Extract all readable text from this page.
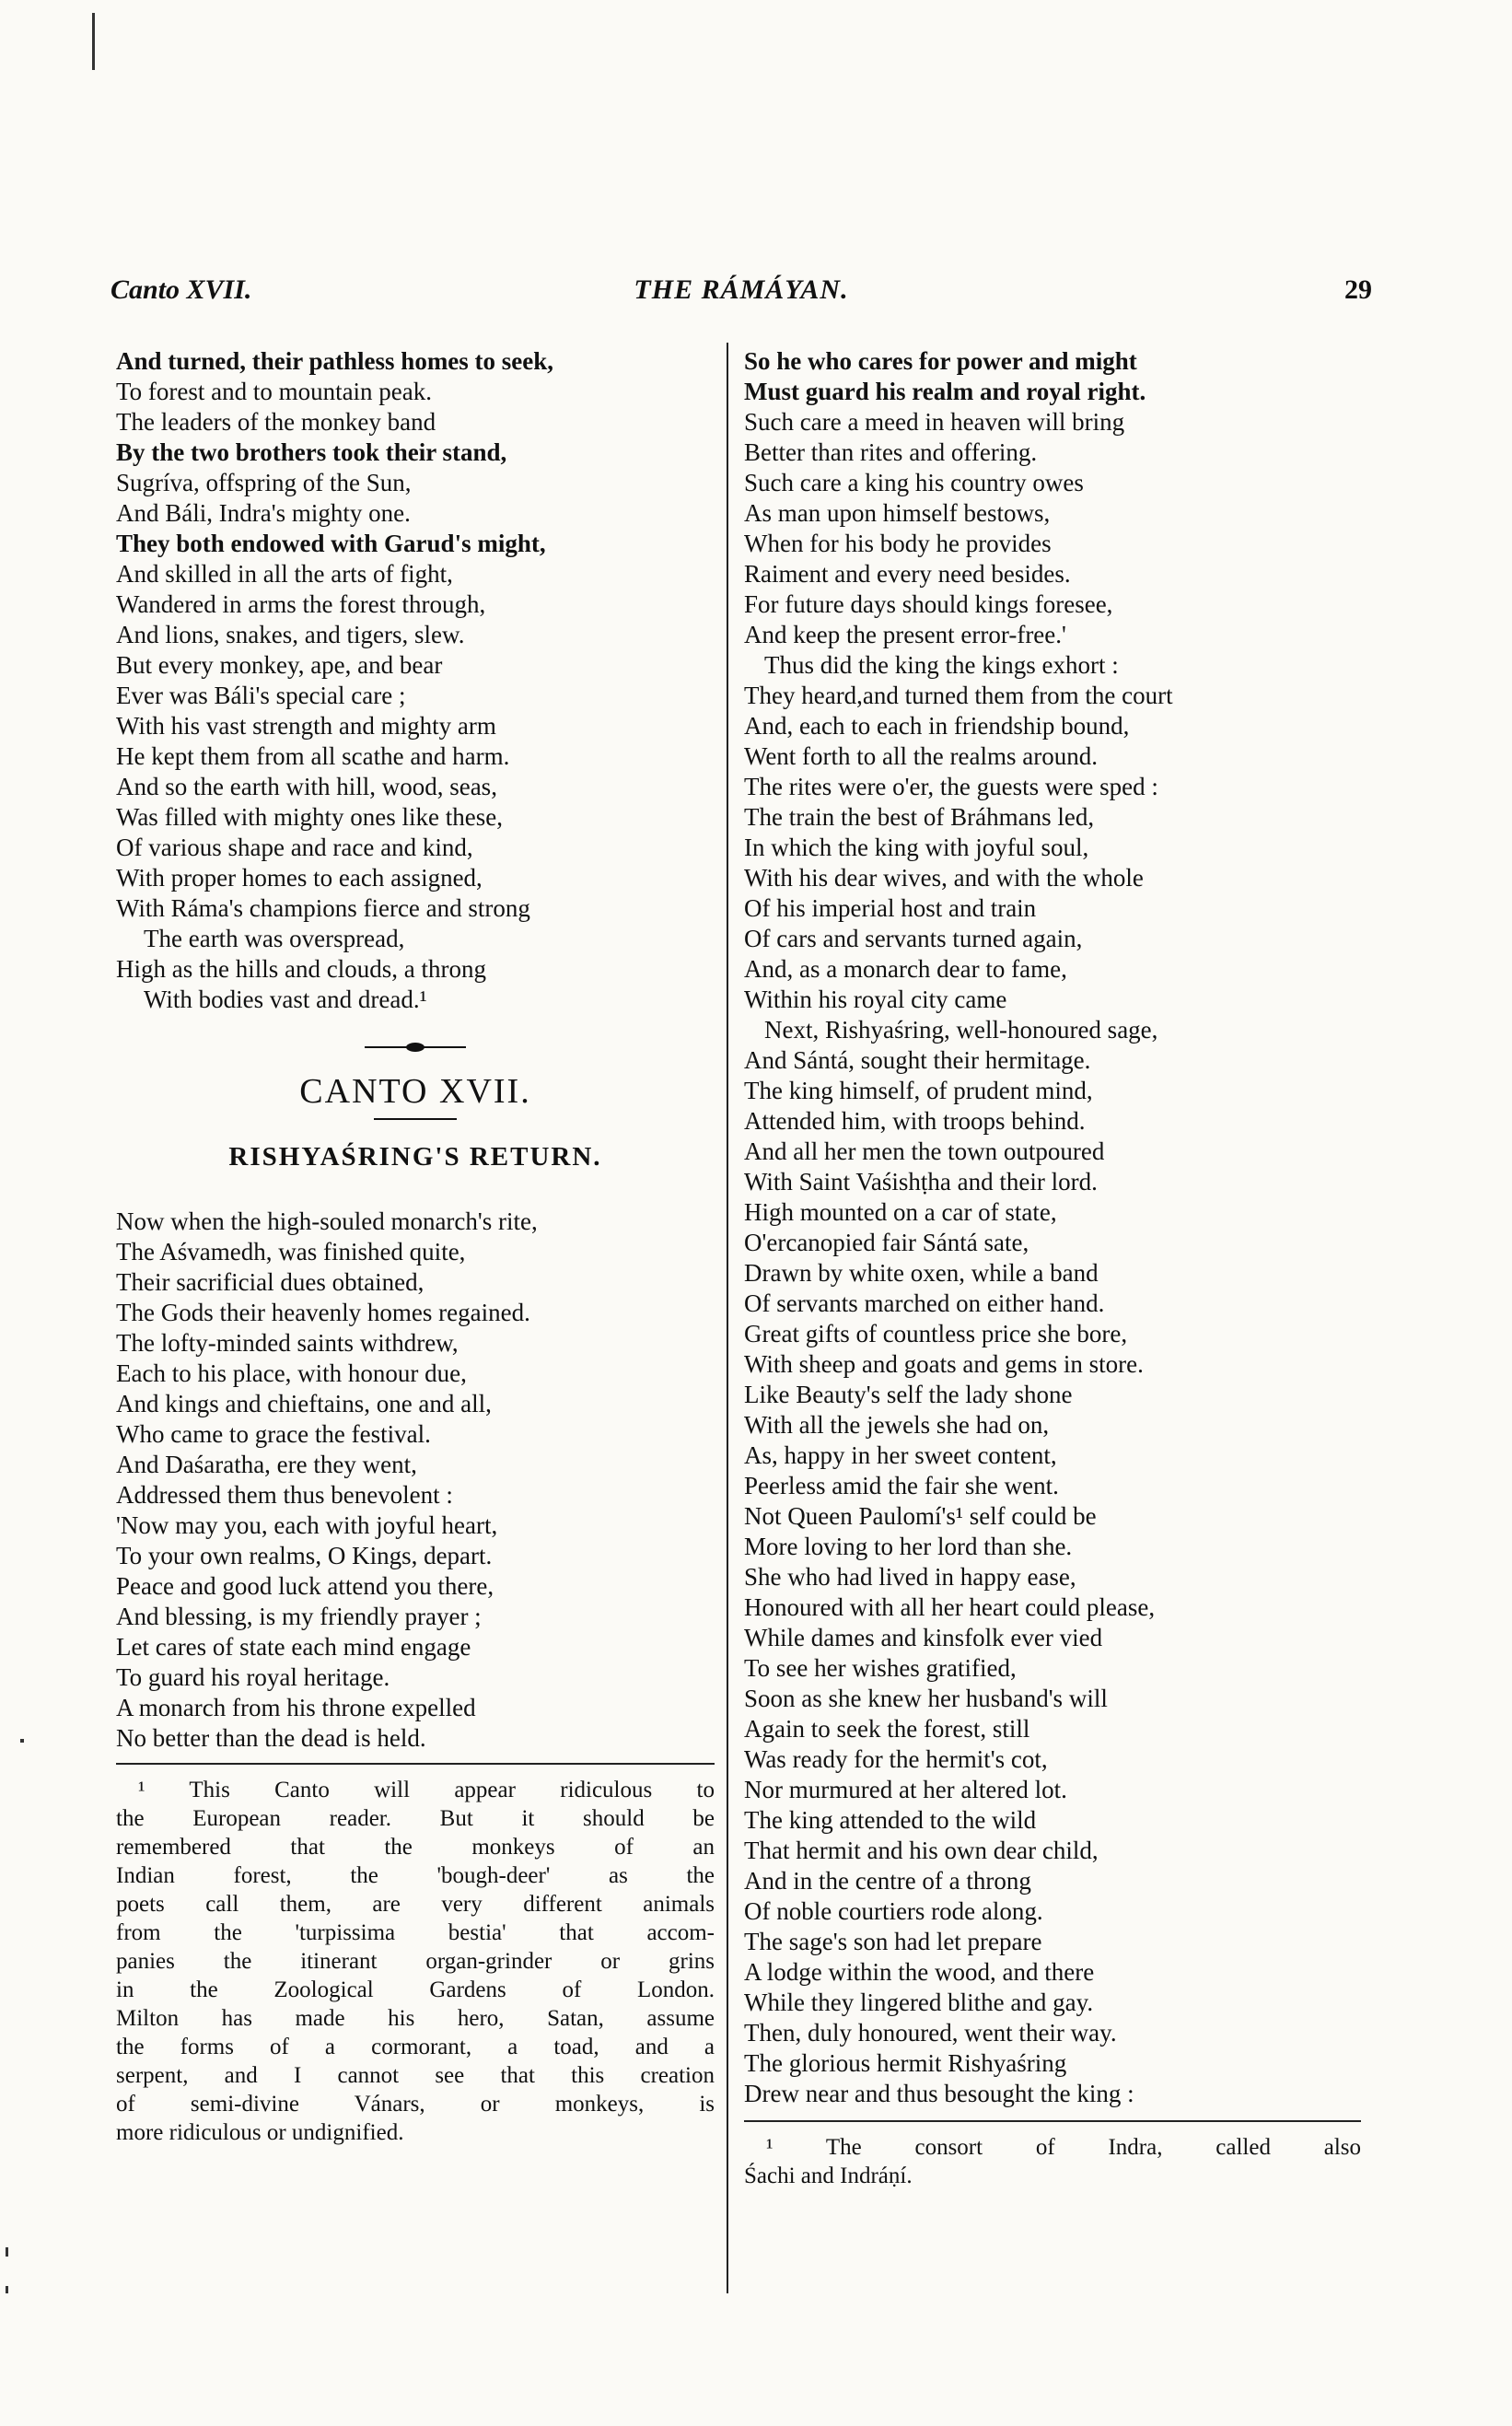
Canto XVII.	THE RÁMÁYAN.	29
And turned, their pathless homes to seek,
To forest and to mountain peak.
The leaders of the monkey band
By the two brothers took their stand,
Sugríva, offspring of the Sun,
And Báli, Indra's mighty one.
They both endowed with Garud's might,
And skilled in all the arts of fight,
Wandered in arms the forest through,
And lions, snakes, and tigers, slew.
But every monkey, ape, and bear
Ever was Báli's special care ;
With his vast strength and mighty arm
He kept them from all scathe and harm.
And so the earth with hill, wood, seas,
Was filled with mighty ones like these,
Of various shape and race and kind,
With proper homes to each assigned,
With Ráma's champions fierce and strong
The earth was overspread,
High as the hills and clouds, a throng
With bodies vast and dread.¹
CANTO XVII.
RISHYAŚRING'S RETURN.
Now when the high-souled monarch's rite,
The Aśvamedh, was finished quite,
Their sacrificial dues obtained,
The Gods their heavenly homes regained.
The lofty-minded saints withdrew,
Each to his place, with honour due,
And kings and chieftains, one and all,
Who came to grace the festival.
And Daśaratha, ere they went,
Addressed them thus benevolent :
'Now may you, each with joyful heart,
To your own realms, O Kings, depart.
Peace and good luck attend you there,
And blessing, is my friendly prayer ;
Let cares of state each mind engage
To guard his royal heritage.
A monarch from his throne expelled
No better than the dead is held.
¹ This Canto will appear ridiculous to
the European reader. But it should be
remembered that the monkeys of an
Indian forest, the 'bough-deer' as the
poets call them, are very different animals
from the 'turpissima bestia' that accom-
panies the itinerant organ-grinder or grins
in the Zoological Gardens of London.
Milton has made his hero, Satan, assume
the forms of a cormorant, a toad, and a
serpent, and I cannot see that this creation
of semi-divine Vánars, or monkeys, is
more ridiculous or undignified.
So he who cares for power and might
Must guard his realm and royal right.
Such care a meed in heaven will bring
Better than rites and offering.
Such care a king his country owes
As man upon himself bestows,
When for his body he provides
Raiment and every need besides.
For future days should kings foresee,
And keep the present error-free.'
Thus did the king the kings exhort :
They heard,and turned them from the court
And, each to each in friendship bound,
Went forth to all the realms around.
The rites were o'er, the guests were sped :
The train the best of Bráhmans led,
In which the king with joyful soul,
With his dear wives, and with the whole
Of his imperial host and train
Of cars and servants turned again,
And, as a monarch dear to fame,
Within his royal city came
Next, Rishyaśring, well-honoured sage,
And Sántá, sought their hermitage.
The king himself, of prudent mind,
Attended him, with troops behind.
And all her men the town outpoured
With Saint Vaśishṭha and their lord.
High mounted on a car of state,
O'ercanopied fair Sántá sate,
Drawn by white oxen, while a band
Of servants marched on either hand.
Great gifts of countless price she bore,
With sheep and goats and gems in store.
Like Beauty's self the lady shone
With all the jewels she had on,
As, happy in her sweet content,
Peerless amid the fair she went.
Not Queen Paulomí's¹ self could be
More loving to her lord than she.
She who had lived in happy ease,
Honoured with all her heart could please,
While dames and kinsfolk ever vied
To see her wishes gratified,
Soon as she knew her husband's will
Again to seek the forest, still
Was ready for the hermit's cot,
Nor murmured at her altered lot.
The king attended to the wild
That hermit and his own dear child,
And in the centre of a throng
Of noble courtiers rode along.
The sage's son had let prepare
A lodge within the wood, and there
While they lingered blithe and gay.
Then, duly honoured, went their way.
The glorious hermit Rishyaśring
Drew near and thus besought the king :
¹ The consort of Indra, called also
Śachi and Indráṇí.
